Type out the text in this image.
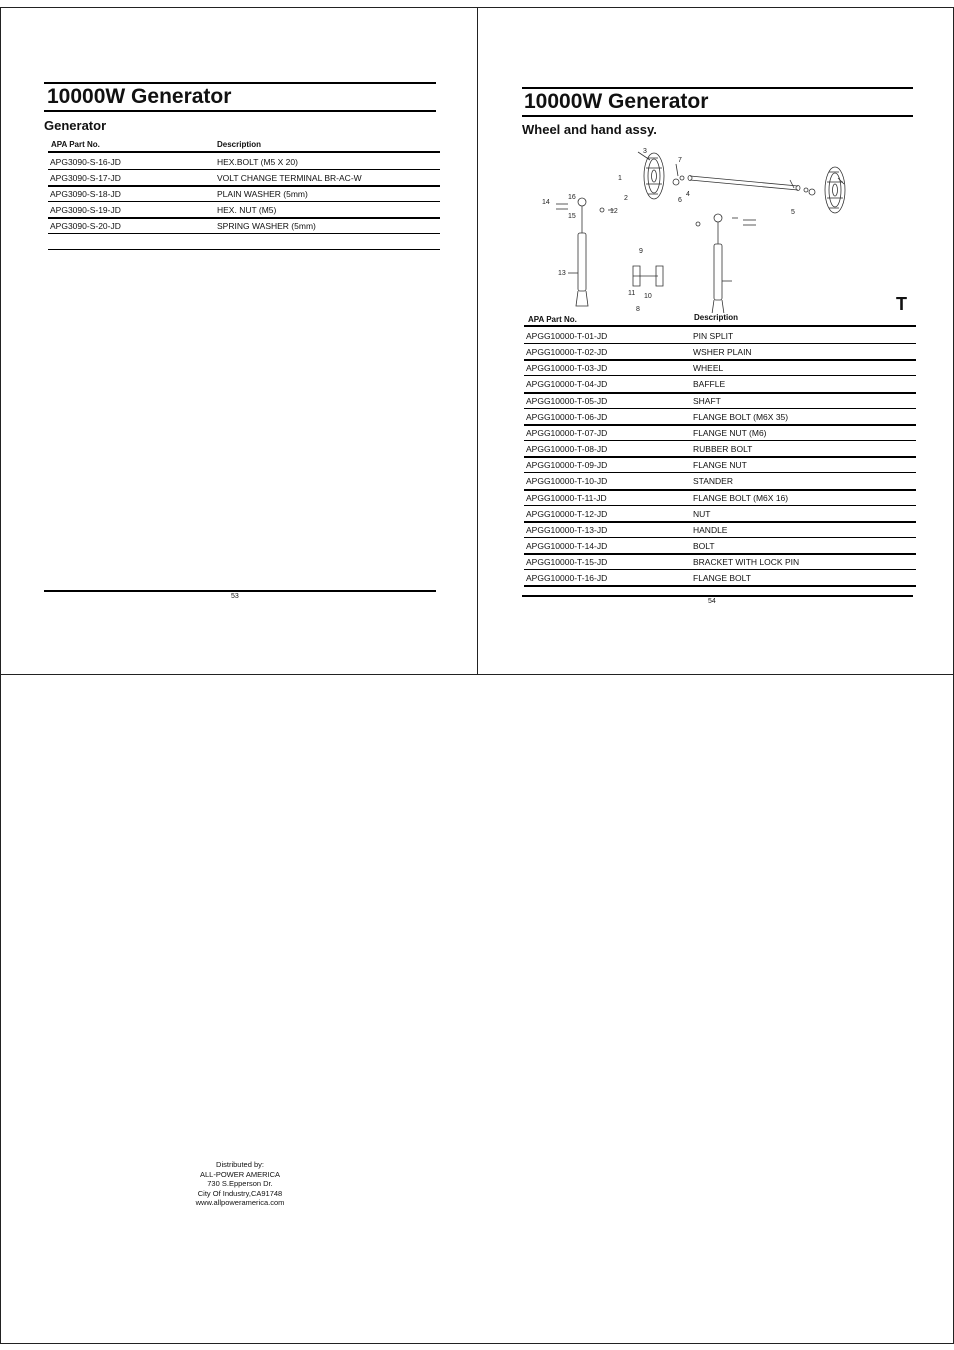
10000W Generator
Generator
APA Part No.	Description
APG3090-S-16-JD	HEX.BOLT (M5 X 20)
APG3090-S-17-JD	VOLT CHANGE TERMINAL BR-AC-W
APG3090-S-18-JD	PLAIN WASHER (5mm)
APG3090-S-19-JD	HEX. NUT (M5)
APG3090-S-20-JD	SPRING WASHER (5mm)
53
10000W Generator
Wheel and hand assy.
1
2
3
4
5
6
7
8
9
10
11
12
13
14
15
16
T
APA Part No.	Description
APGG10000-T-01-JD	PIN SPLIT
APGG10000-T-02-JD	WSHER PLAIN
APGG10000-T-03-JD	WHEEL
APGG10000-T-04-JD	BAFFLE
APGG10000-T-05-JD	SHAFT
APGG10000-T-06-JD	FLANGE BOLT (M6X 35)
APGG10000-T-07-JD	FLANGE NUT (M6)
APGG10000-T-08-JD	RUBBER BOLT
APGG10000-T-09-JD	FLANGE NUT
APGG10000-T-10-JD	STANDER
APGG10000-T-11-JD	FLANGE BOLT (M6X 16)
APGG10000-T-12-JD	NUT
APGG10000-T-13-JD	HANDLE
APGG10000-T-14-JD	BOLT
APGG10000-T-15-JD	BRACKET WITH LOCK PIN
APGG10000-T-16-JD	FLANGE BOLT
54
Distributed by:
ALL-POWER AMERICA
730 S.Epperson Dr.
City Of Industry,CA91748
www.allpoweramerica.com
